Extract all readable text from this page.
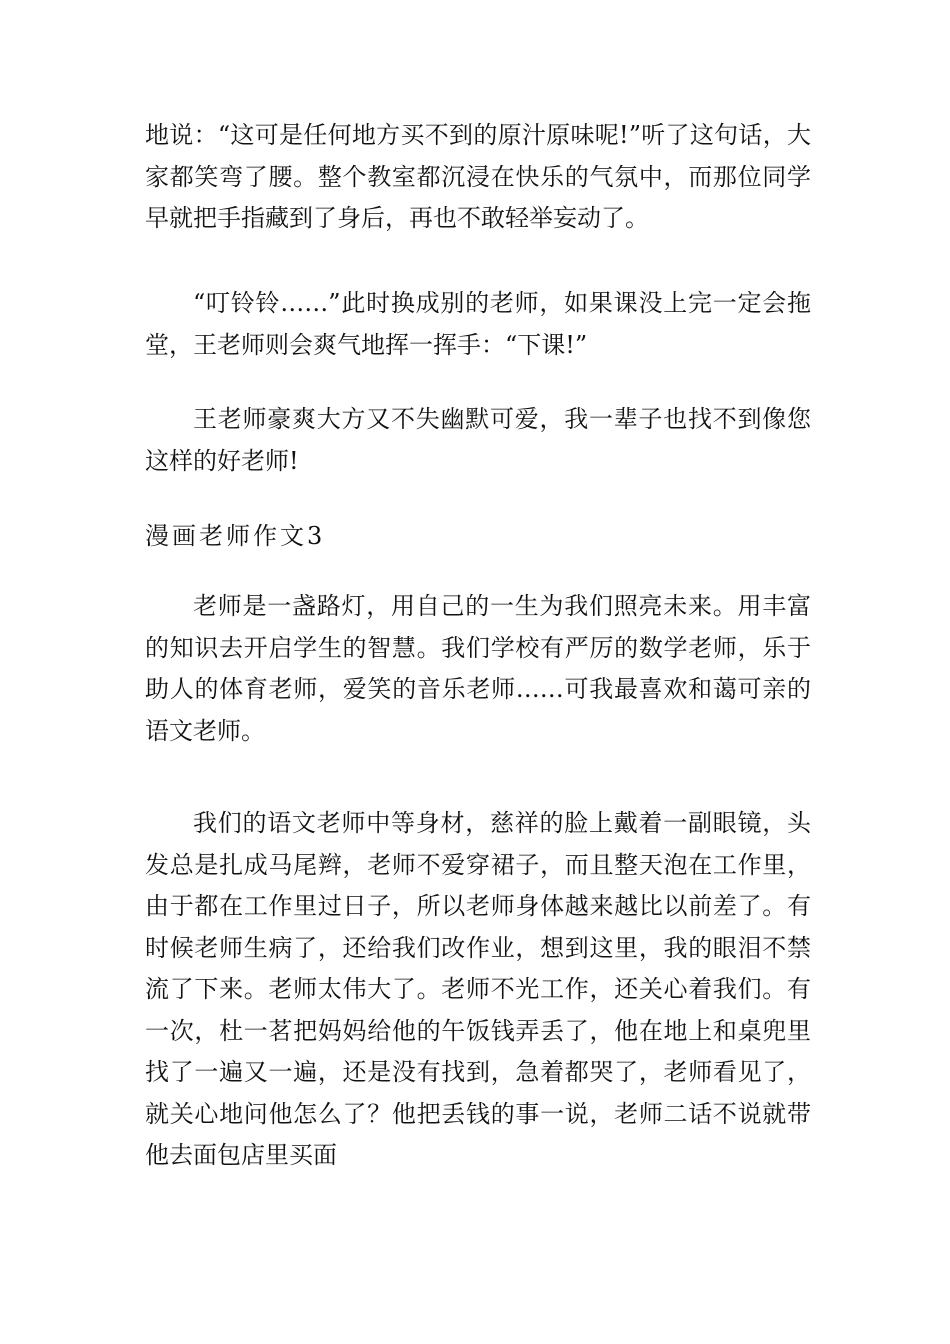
地说：“这可是任何地方买不到的原汁原味呢!”听了这句话，大家都笑弯了腰。整个教室都沉浸在快乐的气氛中，而那位同学早就把手指藏到了身后，再也不敢轻举妄动了。

“叮铃铃……”此时换成别的老师，如果课没上完一定会拖堂，王老师则会爽气地挥一挥手：“下课!”

王老师豪爽大方又不失幽默可爱，我一辈子也找不到像您这样的好老师!

漫画老师作文3

老师是一盏路灯，用自己的一生为我们照亮未来。用丰富的知识去开启学生的智慧。我们学校有严厉的数学老师，乐于助人的体育老师，爱笑的音乐老师……可我最喜欢和蔼可亲的语文老师。

我们的语文老师中等身材，慈祥的脸上戴着一副眼镜，头发总是扎成马尾辫，老师不爱穿裙子，而且整天泡在工作里，由于都在工作里过日子，所以老师身体越来越比以前差了。有时候老师生病了，还给我们改作业，想到这里，我的眼泪不禁流了下来。老师太伟大了。老师不光工作，还关心着我们。有一次，杜一茗把妈妈给他的午饭钱弄丢了，他在地上和桌兜里找了一遍又一遍，还是没有找到，急着都哭了，老师看见了，就关心地问他怎么了？他把丢钱的事一说，老师二话不说就带他去面包店里买面
